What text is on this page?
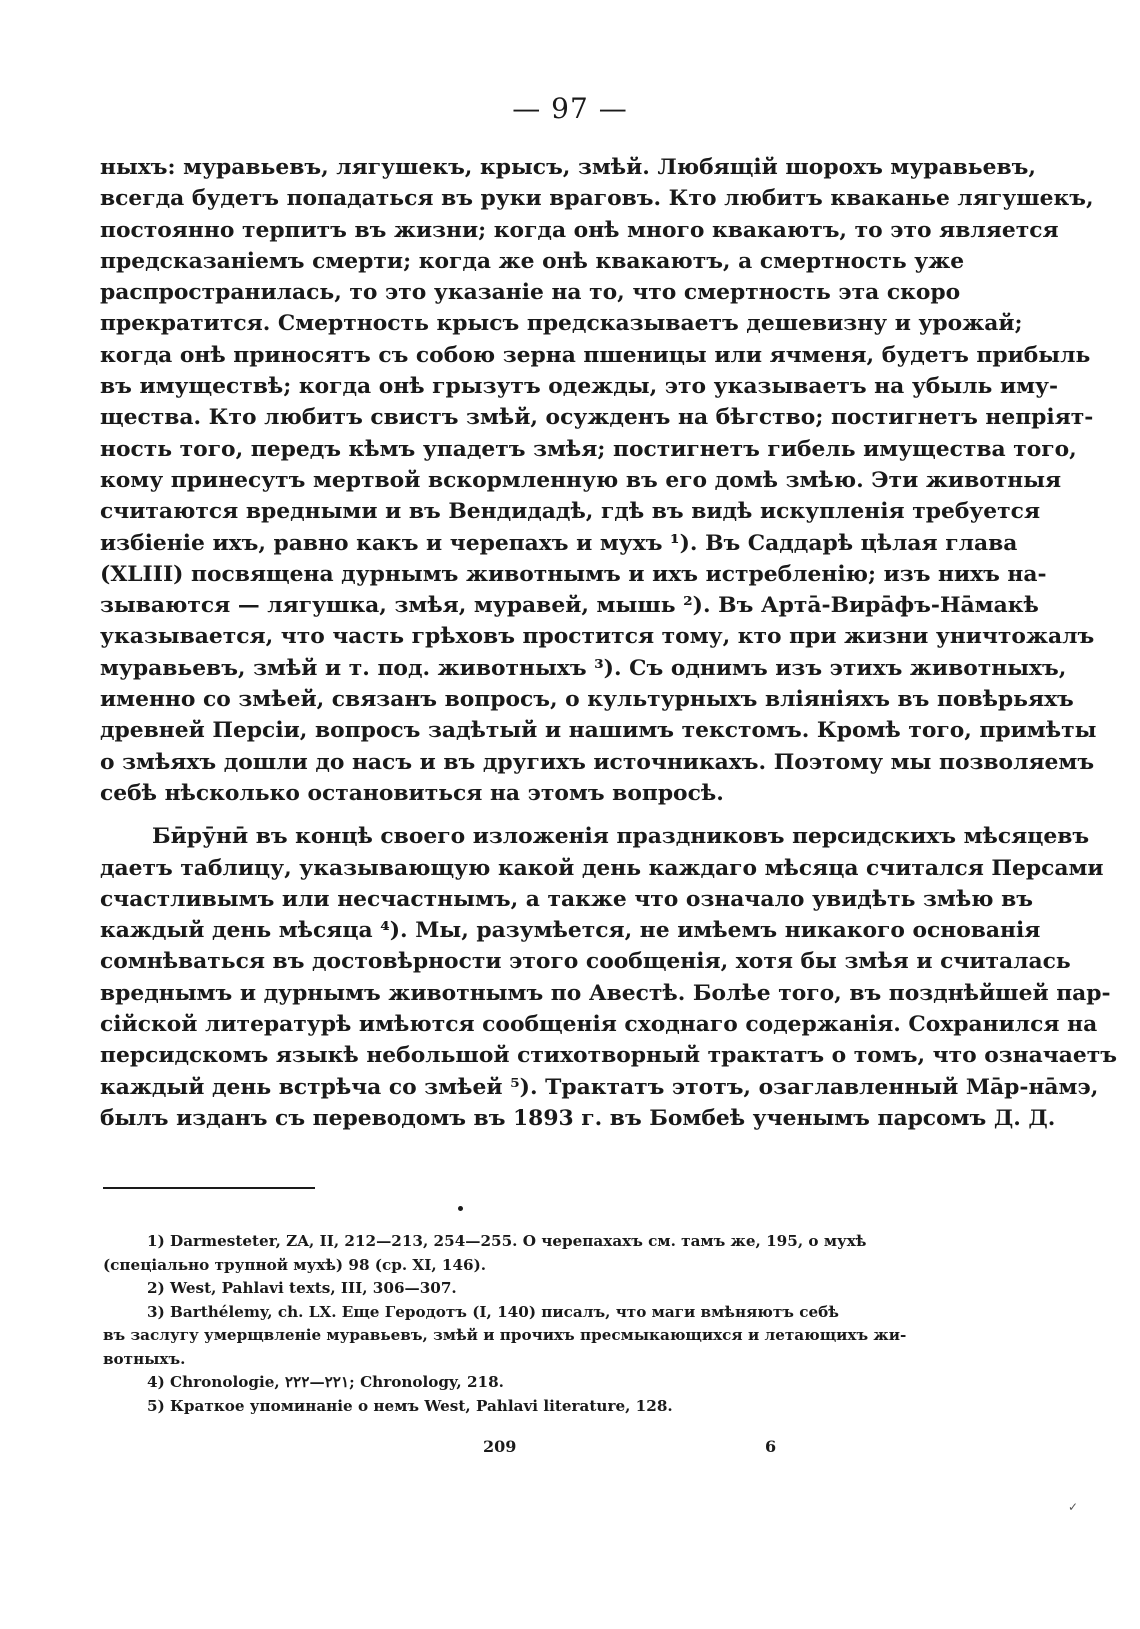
— 97 —
ныхъ: муравьевъ, лягушекъ, крысъ, змѣй. Любящій шорохъ муравьевъ,
всегда будетъ попадаться въ руки враговъ. Кто любитъ кваканье лягушекъ,
постоянно терпитъ въ жизни; когда онѣ много квакаютъ, то это является
предсказаніемъ смерти; когда же онѣ квакаютъ, а смертность уже
распространилась, то это указаніе на то, что смертность эта скоро
прекратится. Смертность крысъ предсказываетъ дешевизну и урожай;
когда онѣ приносятъ съ собою зерна пшеницы или ячменя, будетъ прибыль
въ имуществѣ; когда онѣ грызутъ одежды, это указываетъ на убыль иму-
щества. Кто любитъ свистъ змѣй, осужденъ на бѣгство; постигнетъ непріят-
ность того, передъ кѣмъ упадетъ змѣя; постигнетъ гибель имущества того,
кому принесутъ мертвой вскормленную въ его домѣ змѣю. Эти животныя
считаются вредными и въ Вендидадѣ, гдѣ въ видѣ искупленія требуется
избіеніе ихъ, равно какъ и черепахъ и мухъ ¹). Въ Саддарѣ цѣлая глава
(XLIII) посвящена дурнымъ животнымъ и ихъ истребленію; изъ нихъ на-
зываются — лягушка, змѣя, муравей, мышь ²). Въ Артā-Вирāфъ-Нāмакѣ
указывается, что часть грѣховъ простится тому, кто при жизни уничтожалъ
муравьевъ, змѣй и т. под. животныхъ ³). Съ однимъ изъ этихъ животныхъ,
именно со змѣей, связанъ вопросъ, о культурныхъ вліяніяхъ въ повѣрьяхъ
древней Персіи, вопросъ задѣтый и нашимъ текстомъ. Кромѣ того, примѣты
о змѣяхъ дошли до насъ и въ другихъ источникахъ. Поэтому мы позволяемъ
себѣ нѣсколько остановиться на этомъ вопросѣ.
Бӣрӯнӣ въ концѣ своего изложенія праздниковъ персидскихъ мѣсяцевъ
даетъ таблицу, указывающую какой день каждаго мѣсяца считался Персами
счастливымъ или несчастнымъ, а также что означало увидѣть змѣю въ
каждый день мѣсяца ⁴). Мы, разумѣется, не имѣемъ никакого основанія
сомнѣваться въ достовѣрности этого сообщенія, хотя бы змѣя и считалась
вреднымъ и дурнымъ животнымъ по Авестѣ. Болѣе того, въ позднѣйшей пар-
сійской литературѣ имѣются сообщенія сходнаго содержанія. Сохранился на
персидскомъ языкѣ небольшой стихотворный трактатъ о томъ, что означаетъ
каждый день встрѣча со змѣей ⁵). Трактатъ этотъ, озаглавленный Мāр-нāмэ,
былъ изданъ съ переводомъ въ 1893 г. въ Бомбеѣ ученымъ парсомъ Д. Д.
1) Darmesteter, ZA, II, 212—213, 254—255. О черепахахъ см. тамъ же, 195, о мухѣ
(спеціально трупной мухѣ) 98 (ср. XI, 146).
2) West, Pahlavi texts, III, 306—307.
3) Barthélemy, ch. LX. Еще Геродотъ (I, 140) писалъ, что маги вмѣняютъ себѣ
въ заслугу умерщвленіе муравьевъ, змѣй и прочихъ пресмыкающихся и летающихъ жи-
вотныхъ.
4) Chronologie, ٢٢١—٢٢٢; Chronology, 218.
5) Краткое упоминаніе о немъ West, Pahlavi literature, 128.
209	6
✓
